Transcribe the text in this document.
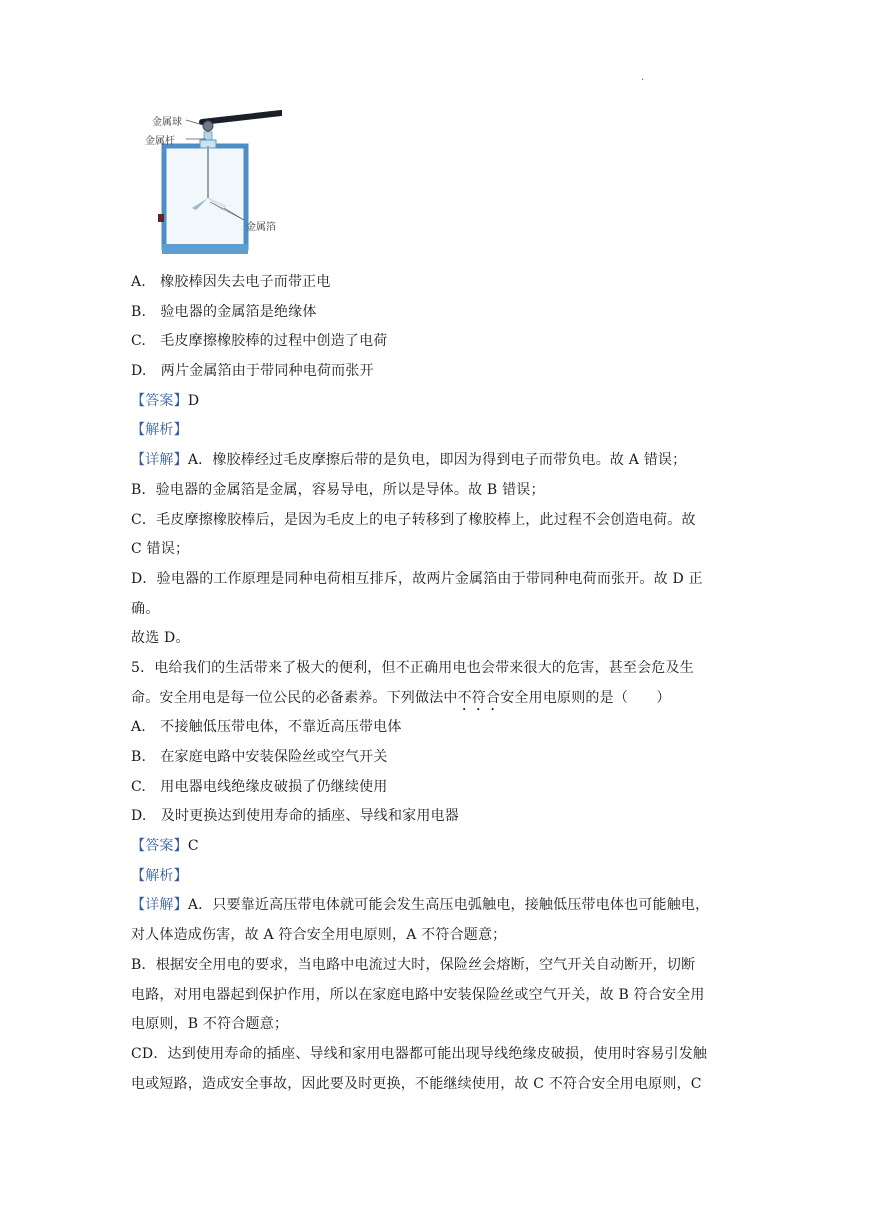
.
金属球
金属杆
金属箔
A.　 橡胶棒因失去电子而带正电
B.　 验电器的金属箔是绝缘体
C.　 毛皮摩擦橡胶棒的过程中创造了电荷
D.　 两片金属箔由于带同种电荷而张开
【答案】D
【解析】
【详解】A．橡胶棒经过毛皮摩擦后带的是负电，即因为得到电子而带负电。故 A 错误；
B．验电器的金属箔是金属，容易导电，所以是导体。故 B 错误；
C．毛皮摩擦橡胶棒后，是因为毛皮上的电子转移到了橡胶棒上，此过程不会创造电荷。故
C 错误；
D．验电器的工作原理是同种电荷相互排斥，故两片金属箔由于带同种电荷而张开。故 D 正
确。
故选 D。
5．电给我们的生活带来了极大的便利，但不正确用电也会带来很大的危害，甚至会危及生
命。安全用电是每一位公民的必备素养。下列做法中不符合安全用电原则的是（　　）
A.　 不接触低压带电体，不靠近高压带电体
B.　 在家庭电路中安装保险丝或空气开关
C.　 用电器电线绝缘皮破损了仍继续使用
D.　 及时更换达到使用寿命的插座、导线和家用电器
【答案】C
【解析】
【详解】A．只要靠近高压带电体就可能会发生高压电弧触电，接触低压带电体也可能触电，
对人体造成伤害，故 A 符合安全用电原则，A 不符合题意；
B．根据安全用电的要求，当电路中电流过大时，保险丝会熔断，空气开关自动断开，切断
电路，对用电器起到保护作用，所以在家庭电路中安装保险丝或空气开关，故 B 符合安全用
电原则，B 不符合题意；
CD．达到使用寿命的插座、导线和家用电器都可能出现导线绝缘皮破损，使用时容易引发触
电或短路，造成安全事故，因此要及时更换，不能继续使用，故 C 不符合安全用电原则，C
